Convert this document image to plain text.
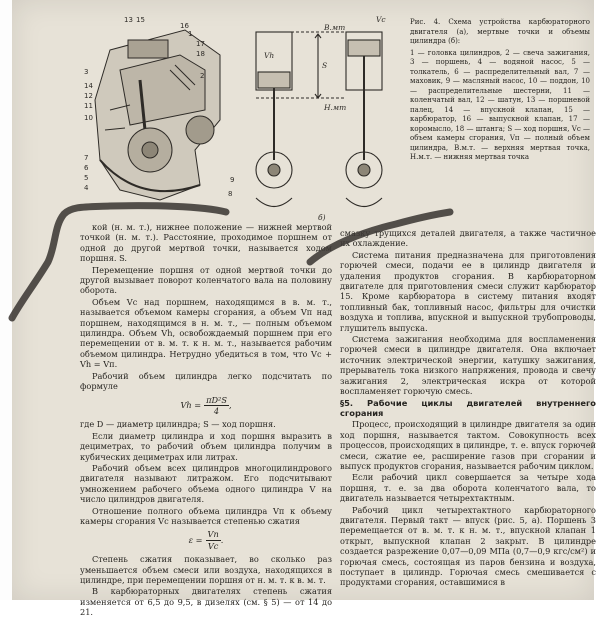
13 15
16
1
17
18
2
3
14
12
11
10
9
8
7
6
5
4
Vc
В.мт
Н.мт
S
Vh
б)
Рис. 4. Схема устройства карбюраторного двигателя (а), мертвые точки и объемы цилиндра (б):
1 — головка цилиндров, 2 — свеча зажигания, 3 — поршень, 4 — водяной насос, 5 — толкатель, 6 — распределительный вал, 7 — маховик, 9 — масляный насос, 10 — поддон, 10 — распределительные шестерни, 11 — коленчатый вал, 12 — шатун, 13 — поршневой палец, 14 — впускной клапан, 15 — карбюратор, 16 — выпускной клапан, 17 — коромысло, 18 — штанга; S — ход поршня, Vс — объем камеры сгорания, Vп — полный объем цилиндра, В.м.т. — верхняя мертвая точка, Н.м.т. — нижняя мертвая точка

кой (н. м. т.), нижнее положение — нижней мертвой точкой (н. м. т.). Расстояние, проходимое поршнем от одной до другой мертвой точки, называется ходом поршня. S.

Перемещение поршня от одной мертвой точки до другой вызывает поворот коленчатого вала на половину оборота.

Объем Vc над поршнем, находящимся в в. м. т., называется объемом камеры сгорания, а объем Vп над поршнем, находящимся в н. м. т., — полным объемом цилиндра. Объем Vh, освобождаемый поршнем при его перемещении от в. м. т. к н. м. т., называется рабочим объемом цилиндра. Нетрудно убедиться в том, что Vc + Vh = Vп.

Рабочий объем цилиндра легко подсчитать по формуле

$Vh = \frac{\text{πD²S}}{4}$ ,

где D — диаметр цилиндра; S — ход поршня.

Если диаметр цилиндра и ход поршня выразить в дециметрах, то рабочий объем цилиндра получим в кубических дециметрах или литрах.

Рабочий объем всех цилиндров многоцилиндрового двигателя называют литражом. Его подсчитывают умножением рабочего объема одного цилиндра V на число цилиндров двигателя.

Отношение полного объема цилиндра Vп к объему камеры сгорания Vc называется степенью сжатия

$\varepsilon = \frac{Vп}{Vc}$ .

Степень сжатия показывает, во сколько раз уменьшается объем смеси или воздуха, находящихся в цилиндре, при перемещении поршня от н. м. т. к в. м. т.

В карбюраторных двигателях степень сжатия изменяется от 6,5 до 9,5, в дизелях (см. § 5) — от 14 до 21.

смазку трущихся деталей двигателя, а также частичное их охлаждение.

Система питания предназначена для приготовления горючей смеси, подачи ее в цилиндр двигателя и удаления продуктов сгорания. В карбюраторном двигателе для приготовления смеси служит карбюратор 15. Кроме карбюратора в систему питания входят топливный бак, топливный насос, фильтры для очистки воздуха и топлива, впускной и выпускной трубопроводы, глушитель выпуска.

Система зажигания необходима для воспламенения горючей смеси в цилиндре двигателя. Она включает источник электрической энергии, катушку зажигания, прерыватель тока низкого напряжения, провода и свечу зажигания 2, электрическая искра от которой воспламеняет горючую смесь.

§5. Рабочие циклы двигателей внутреннего сгорания

Процесс, происходящий в цилиндре двигателя за один ход поршня, называется тактом. Совокупность всех процессов, происходящих в цилиндре, т. е. впуск горючей смеси, сжатие ее, расширение газов при сгорании и выпуск продуктов сгорания, называется рабочим циклом.

Если рабочий цикл совершается за четыре хода поршня, т. е. за два оборота коленчатого вала, то двигатель называется четырехтактным.

Рабочий цикл четырехтактного карбюраторного двигателя. Первый такт — впуск (рис. 5, а). Поршень 3 перемещается от в. м. т. к н. м. т., впускной клапан 1 открыт, выпускной клапан 2 закрыт. В цилиндре создается разрежение 0,07—0,09 МПа (0,7—0,9 кгс/см²) и горючая смесь, состоящая из паров бензина и воздуха, поступает в цилиндр. Горючая смесь смешивается с продуктами сгорания, оставшимися в
